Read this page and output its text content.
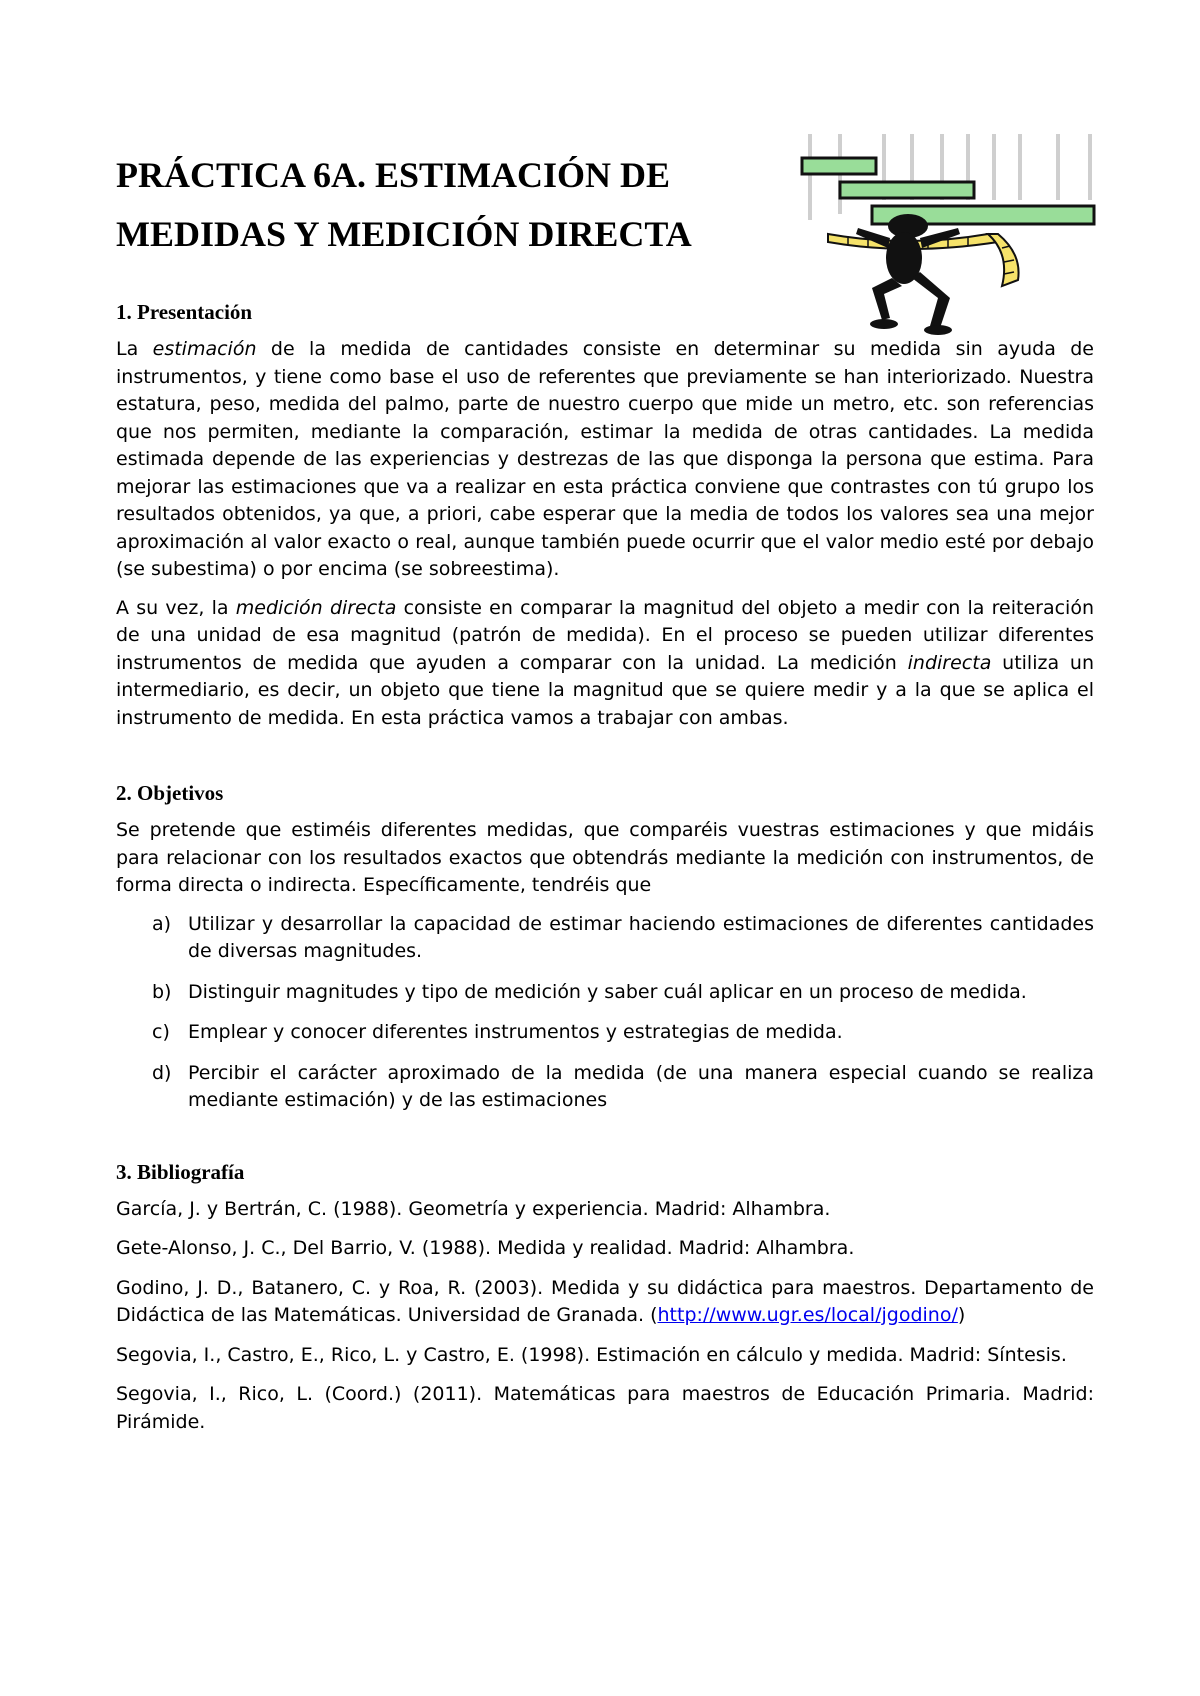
PRÁCTICA 6A. ESTIMACIÓN DE MEDIDAS Y MEDICIÓN DIRECTA
1. Presentación

La estimación de la medida de cantidades consiste en determinar su medida sin ayuda de instrumentos, y tiene como base el uso de referentes que previamente se han interiorizado. Nuestra estatura, peso, medida del palmo, parte de nuestro cuerpo que mide un metro, etc. son referencias que nos permiten, mediante la comparación, estimar la medida de otras cantidades. La medida estimada depende de las experiencias y destrezas de las que disponga la persona que estima. Para mejorar las estimaciones que va a realizar en esta práctica conviene que contrastes con tú grupo los resultados obtenidos, ya que, a priori, cabe esperar que la media de todos los valores sea una mejor aproximación al valor exacto o real, aunque también puede ocurrir que el valor medio esté por debajo (se subestima) o por encima (se sobreestima).

A su vez, la medición directa consiste en comparar la magnitud del objeto a medir con la reiteración de una unidad de esa magnitud (patrón de medida). En el proceso se pueden utilizar diferentes instrumentos de medida que ayuden a comparar con la unidad. La medición indirecta utiliza un intermediario, es decir, un objeto que tiene la magnitud que se quiere medir y a la que se aplica el instrumento de medida. En esta práctica vamos a trabajar con ambas.

2. Objetivos

Se pretende que estiméis diferentes medidas, que comparéis vuestras estimaciones y que midáis para relacionar con los resultados exactos que obtendrás mediante la medición con instrumentos, de forma directa o indirecta. Específicamente, tendréis que

a) Utilizar y desarrollar la capacidad de estimar haciendo estimaciones de diferentes cantidades de diversas magnitudes.
b) Distinguir magnitudes y tipo de medición y saber cuál aplicar en un proceso de medida.
c) Emplear y conocer diferentes instrumentos y estrategias de medida.
d) Percibir el carácter aproximado de la medida (de una manera especial cuando se realiza mediante estimación) y de las estimaciones
3. Bibliografía

García, J. y Bertrán, C. (1988). Geometría y experiencia. Madrid: Alhambra.

Gete-Alonso, J. C., Del Barrio, V. (1988). Medida y realidad. Madrid: Alhambra.

Godino, J. D., Batanero, C. y Roa, R. (2003). Medida y su didáctica para maestros. Departamento de Didáctica de las Matemáticas. Universidad de Granada. (http://www.ugr.es/local/jgodino/)

Segovia, I., Castro, E., Rico, L. y Castro, E. (1998). Estimación en cálculo y medida. Madrid: Síntesis.

Segovia, I., Rico, L. (Coord.) (2011). Matemáticas para maestros de Educación Primaria. Madrid: Pirámide.
